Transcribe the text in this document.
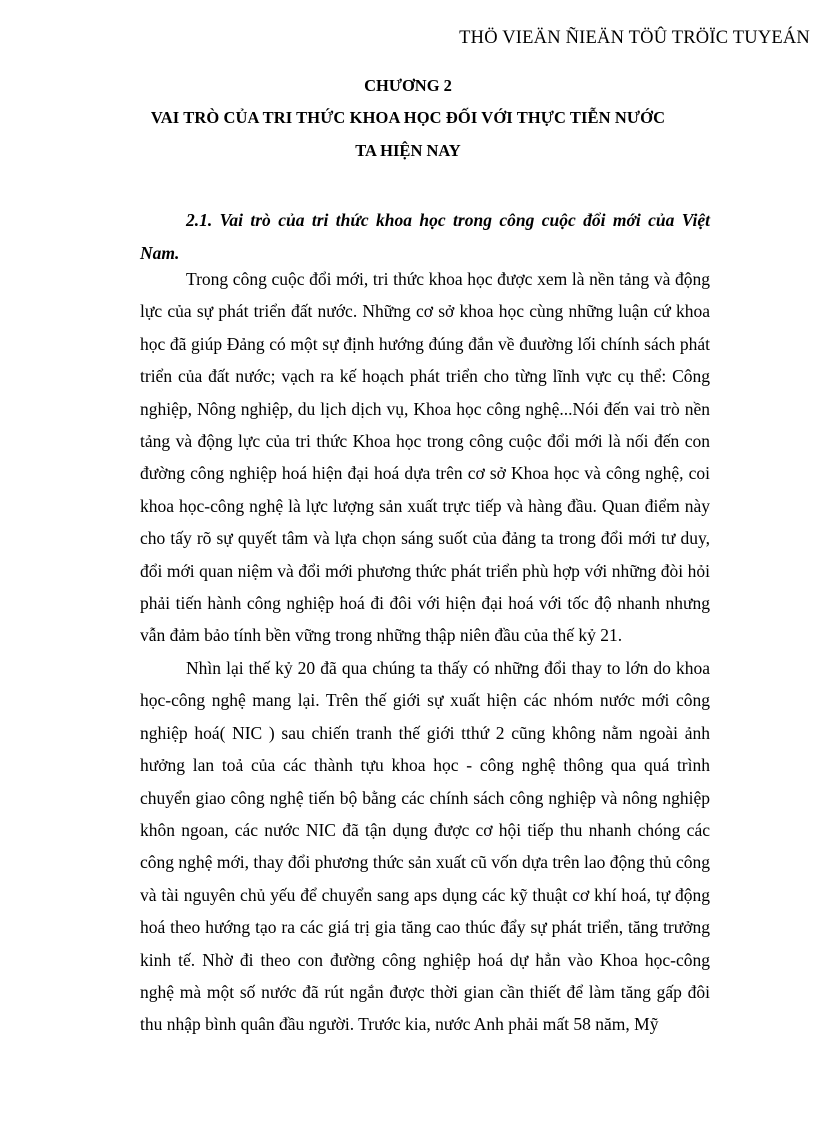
THÖ VIEÄN ÑIEÄN TÖÛ TRÖÏC TUYEÁN
CHƯƠNG 2
VAI TRÒ CỦA TRI THỨC KHOA HỌC ĐỐI VỚI THỰC TIỄN NƯỚC
TA HIỆN NAY

2.1. Vai trò của tri thức khoa học trong công cuộc đổi mới của Việt Nam.

Trong công cuộc đổi mới, tri thức khoa học được xem là nền tảng và động lực của sự phát triển đất nước. Những cơ sở khoa học cùng những luận cứ khoa học đã giúp Đảng có một sự định hướng đúng đắn về đuường lối chính sách phát triển của đất nước; vạch ra kế hoạch phát triển cho từng lĩnh vực cụ thể: Công nghiệp, Nông nghiệp, du lịch dịch vụ, Khoa học công nghệ...Nói đến vai trò nền tảng và động lực của tri thức Khoa học trong công cuộc đổi mới là nối đến con đường công nghiệp hoá hiện đại hoá dựa trên cơ sở Khoa học và công nghệ, coi khoa học-công nghệ là lực lượng sản xuất trực tiếp và hàng đầu. Quan điểm này cho tấy rõ sự quyết tâm và lựa chọn sáng suốt của đảng ta trong đổi mới tư duy, đổi mới quan niệm và đổi mới phương thức phát triển phù hợp với những đòi hỏi phải tiến hành công nghiệp hoá đi đôi với hiện đại hoá với tốc độ nhanh nhưng vẫn đảm bảo tính bền vững trong những thập niên đầu của thế kỷ 21.

Nhìn lại thế kỷ 20 đã qua chúng ta thấy có những đổi thay to lớn do khoa học-công nghệ mang lại. Trên thế giới sự xuất hiện các nhóm nước mới công nghiệp hoá( NIC ) sau chiến tranh thế giới tthứ 2 cũng không nằm ngoài ảnh hưởng lan toả của các thành tựu khoa học - công nghệ thông qua quá trình chuyển giao công nghệ tiến bộ bằng các chính sách công nghiệp và nông nghiệp khôn ngoan, các nước NIC đã tận dụng được cơ hội tiếp thu nhanh chóng các công nghệ mới, thay đổi phương thức sản xuất cũ vốn dựa trên lao động thủ công và tài nguyên chủ yếu để chuyển sang aps dụng các kỹ thuật cơ khí hoá, tự động hoá theo hướng tạo ra các giá trị gia tăng cao thúc đẩy sự phát triển, tăng trưởng kinh tế. Nhờ đi theo con đường công nghiệp hoá dự hẳn vào Khoa học-công nghệ mà một số nước đã rút ngắn được thời gian cần thiết để làm tăng gấp đôi thu nhập bình quân đầu người. Trước kia, nước Anh phải mất 58 năm, Mỹ
